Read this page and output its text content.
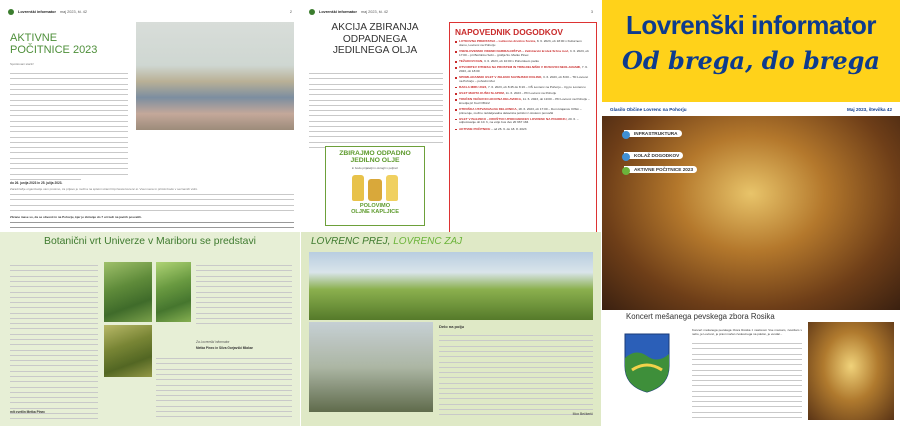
Lovrenški informator maj 2023, št. 42	2
AKTIVNE
POČITNICE 2023
Spoštovani starši!
do 26. junija 2023 in 25. julija 2023.
Zaradi lažje organizacije vam prosimo, za prijavo je možna na spletni strani http://www.lovrenc.si. Vsa imena in priimki bodo v seznamih vidni.
Zbrane mase so, da se obvesti in na Pohorju, kjer je zbiranje do 7 uri tudi na javnih posvetih.
Botanični vrt Univerze v Mariboru se predstavi
Za Lovrenški informator
Metka Pinec in Silva Gorjavški Mlakar
mlt cvetlin Metka Pinec
Lovrenški informator maj 2023, št. 42	3
AKCIJA ZBIRANJA
ODPADNEGA
JEDILNEGA OLJA
ZBIRAJMO ODPADNO
JEDILNO OLJE
in bodo prijatelji in okrogli v poljino!
POLOVIMO
OLJNE KAPLJICE
NAPOVEDNIK DOGODKOV
LUTKOVNA PREDSTAVA – Lutkovno društvo Sorica, 8. 6. 2023, ob 18:00 v Kulturnem domu, Lovrenc na Pohorju
VSESLOVENSKI VIKEND NABIRALNIŠTVA – Zeliščarski krožek Srčna moč, 3. 6. 2023, ob 17:00 – pri Boršinku Sobi – grofija Sv. Marko Pinec
TEŽAKOVI DAN, 3. 6. 2023, ob 10:00 v Pohorskem parku
OTVORITEV FITNESA NA PROSTEM IN TRIM-DELNIŠKI V RUSOVICI NEOLJANAMI, 7. 6. 2023, ob 18:00
SPOMLADANSKI IZLET V ZELENO SAVINJSKO DOLINO, 3. 6. 2023, ob 8:00 – TD Lovrenc na Pohorju – pohodni izlet
BAKLA MIRU 2023, 7. 6. 2023, ob 8:45 do 8:16 – OŠ Lovrenc na Pohorju – trg po Lovrencu
IZLET MARTA KUŠKI SLAPOM, 11. 6. 2023 – PD Lovrenc na Pohorju
TONČKN VEČER IN LIKOVNA DELAVNICA, 11. 6. 2023, ob 19:00 – PD Lovrenc na Pohorju – kmetija pri Kod Ožbinč
OTROŠKA USTVARJALNA DELAVNICA, 18. 6. 2023, ob 17:00 – Dom krajanov Ožbin – primeruje, možno razdeljevalna delavnica polnitvi z otrokom pomočki
IZLET V BLEJSKO – DRUŠTVO UPOKOJENCEV LOVRENC NA POHORJU, 20. 6. – odpotovanje ob 10. h, na voljo bus dvo 20 967 184
AKTIVNE POČITNICE – od 26. 6. do 18. 8. 2023
LOVRENC PREJ, LOVRENC ZAJ
Delo na polju
Mox Bečkerič
Lovrenški informator
Od brega, do brega
Glasilo Občine Lovrenc na Pohorju	Maj 2023, številka 42
INFRASTRUKTURA
KOLAŽ DOGODKOV
AKTIVNE POČITNICE 2023
Koncert mešanega pevskega zbora Rosika
Koncert mešanega pevskega zbora Rosika z naslovom Vse mamam, zvezdam v nebo, je Lovrenc, je pravi močan zvokovnega na poklon, je vendar...
